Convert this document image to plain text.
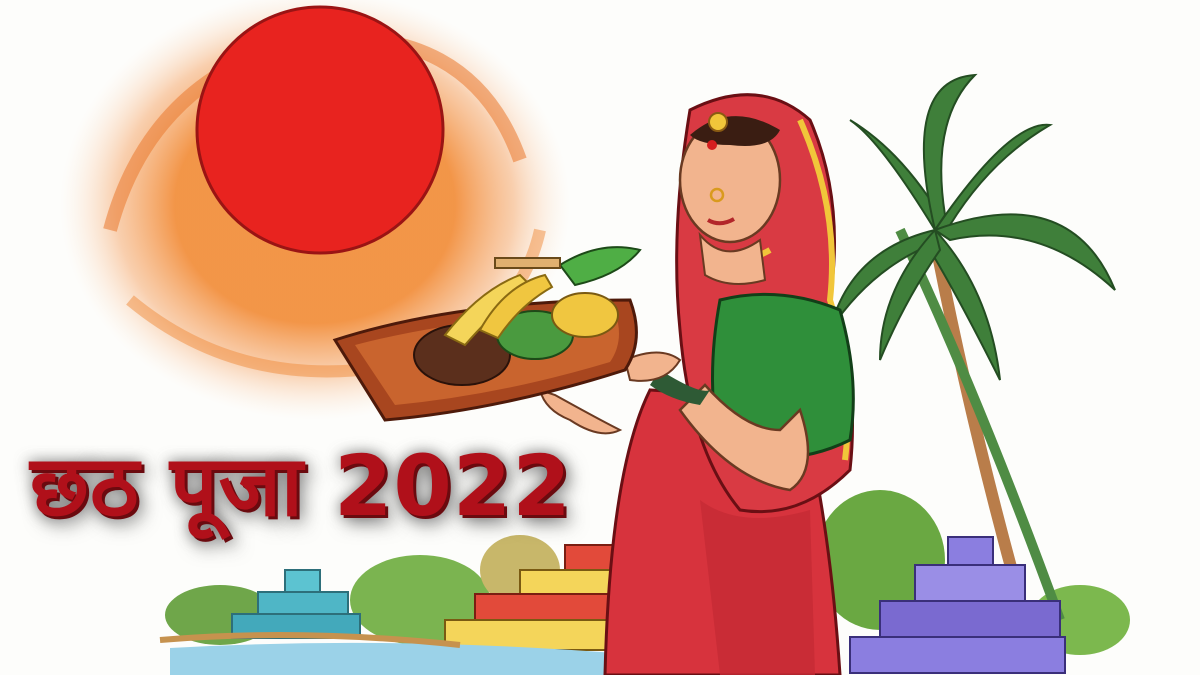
छठ पूजा 2022
